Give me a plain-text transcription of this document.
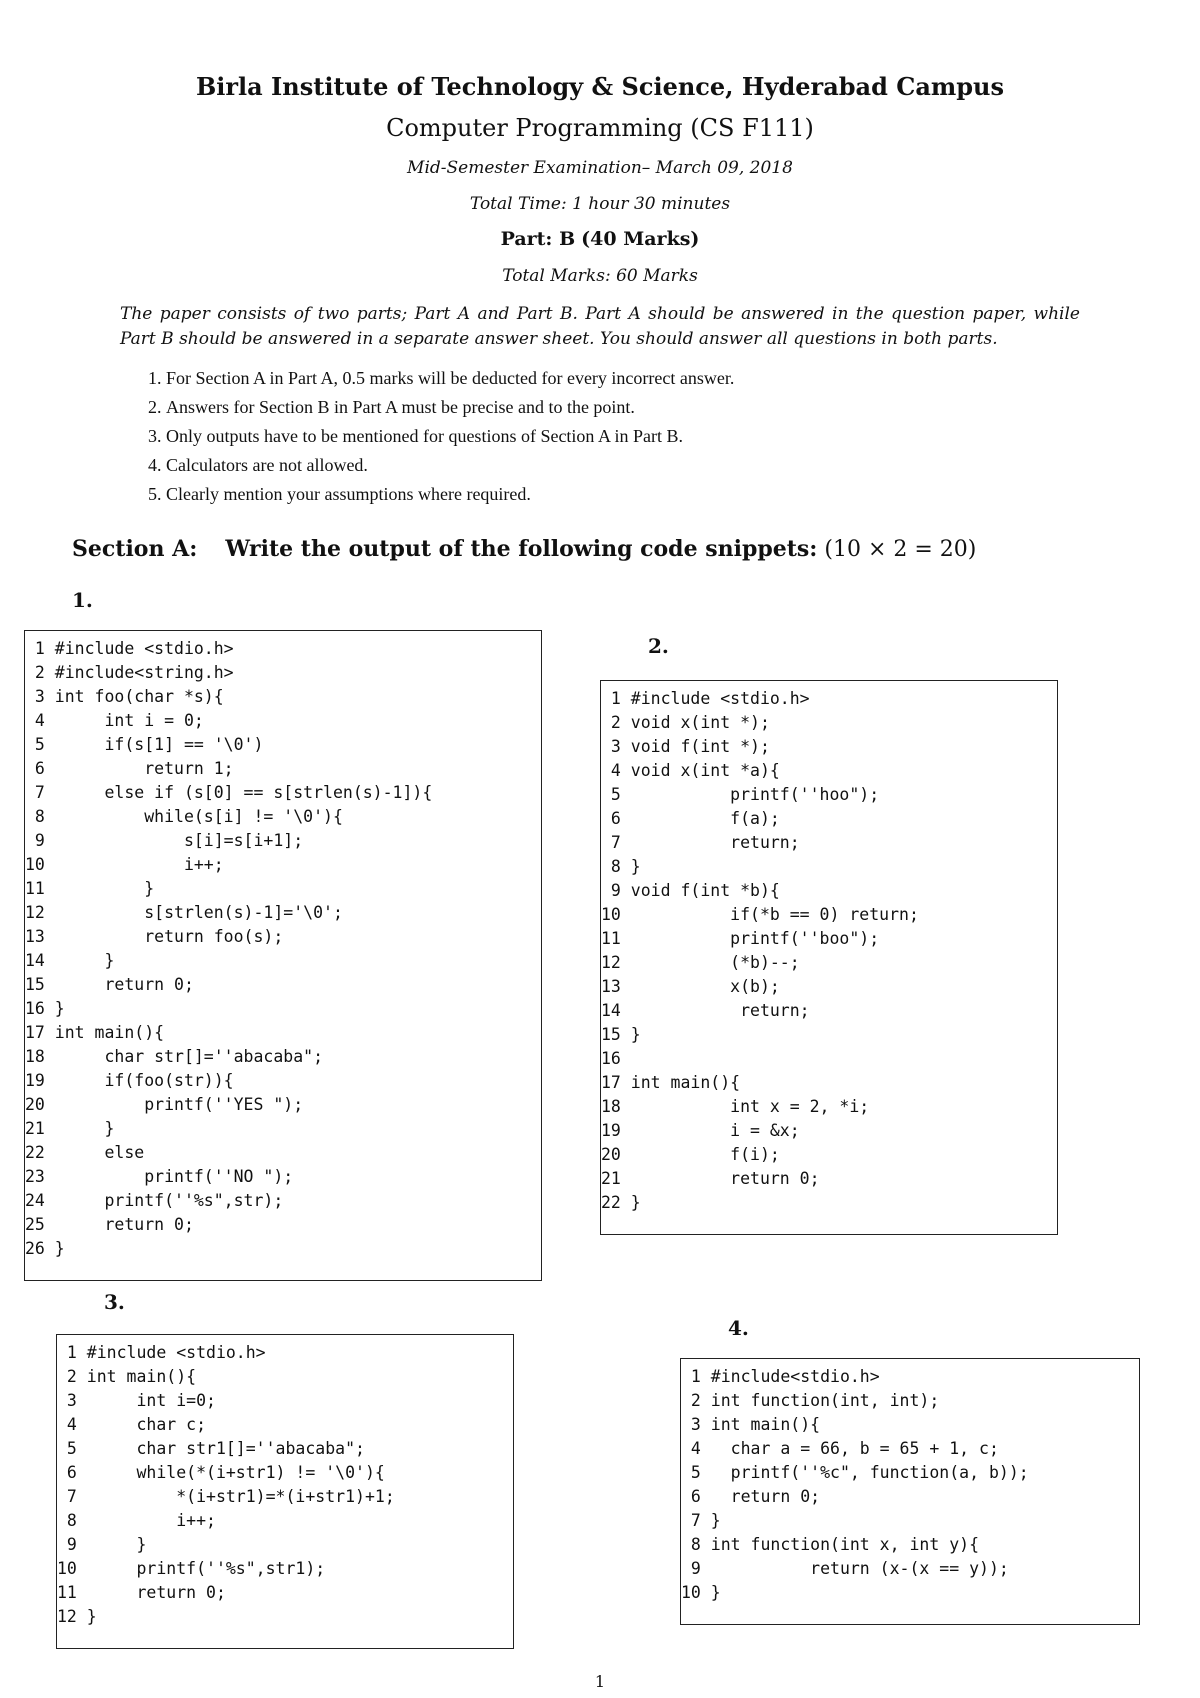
Birla Institute of Technology & Science, Hyderabad Campus
Computer Programming (CS F111)
Mid-Semester Examination– March 09, 2018
Total Time: 1 hour 30 minutes
Part: B (40 Marks)
Total Marks: 60 Marks
The paper consists of two parts; Part A and Part B. Part A should be answered in the question paper, while Part B should be answered in a separate answer sheet. You should answer all questions in both parts.
1. For Section A in Part A, 0.5 marks will be deducted for every incorrect answer.
2. Answers for Section B in Part A must be precise and to the point.
3. Only outputs have to be mentioned for questions of Section A in Part B.
4. Calculators are not allowed.
5. Clearly mention your assumptions where required.
Section A: Write the output of the following code snippets: (10 × 2 = 20)
1.
1 #include <stdio.h>
2 #include<string.h>
3 int foo(char *s){
4      int i = 0;
5      if(s[1] == '\0')
6          return 1;
7      else if (s[0] == s[strlen(s)-1]){
8          while(s[i] != '\0'){
9              s[i]=s[i+1];
10              i++;
11          }
12          s[strlen(s)-1]='\0';
13          return foo(s);
14      }
15      return 0;
16 }
17 int main(){
18      char str[]=''abacaba";
19      if(foo(str)){
20          printf(''YES ");
21      }
22      else
23          printf(''NO ");
24      printf(''%s",str);
25      return 0;
26 }
2.
1 #include <stdio.h>
2 void x(int *);
3 void f(int *);
4 void x(int *a){
5           printf(''hoo");
6           f(a);
7           return;
8 }
9 void f(int *b){
10           if(*b == 0) return;
11           printf(''boo");
12           (*b)--;
13           x(b);
14            return;
15 }
16
17 int main(){
18           int x = 2, *i;
19           i = &x;
20           f(i);
21           return 0;
22 }
3.
1 #include <stdio.h>
2 int main(){
3      int i=0;
4      char c;
5      char str1[]=''abacaba";
6      while(*(i+str1) != '\0'){
7          *(i+str1)=*(i+str1)+1;
8          i++;
9      }
10      printf(''%s",str1);
11      return 0;
12 }
4.
1 #include<stdio.h>
2 int function(int, int);
3 int main(){
4   char a = 66, b = 65 + 1, c;
5   printf(''%c", function(a, b));
6   return 0;
7 }
8 int function(int x, int y){
9           return (x-(x == y));
10 }
1
